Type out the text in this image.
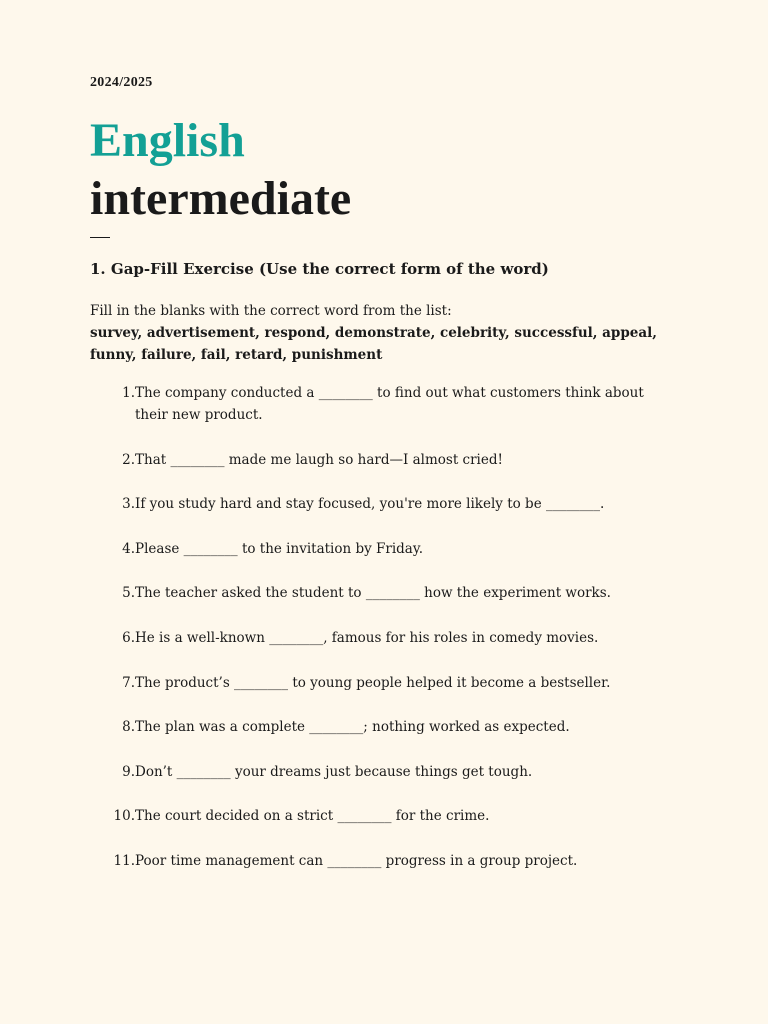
2024/2025
English
intermediate
1. Gap-Fill Exercise (Use the correct form of the word)
Fill in the blanks with the correct word from the list:
survey, advertisement, respond, demonstrate, celebrity, successful, appeal, funny, failure, fail, retard, punishment
1. The company conducted a ________ to find out what customers think about their new product.
2. That ________ made me laugh so hard—I almost cried!
3. If you study hard and stay focused, you're more likely to be ________.
4. Please ________ to the invitation by Friday.
5. The teacher asked the student to ________ how the experiment works.
6. He is a well-known ________, famous for his roles in comedy movies.
7. The product’s ________ to young people helped it become a bestseller.
8. The plan was a complete ________; nothing worked as expected.
9. Don’t ________ your dreams just because things get tough.
10. The court decided on a strict ________ for the crime.
11. Poor time management can ________ progress in a group project.
